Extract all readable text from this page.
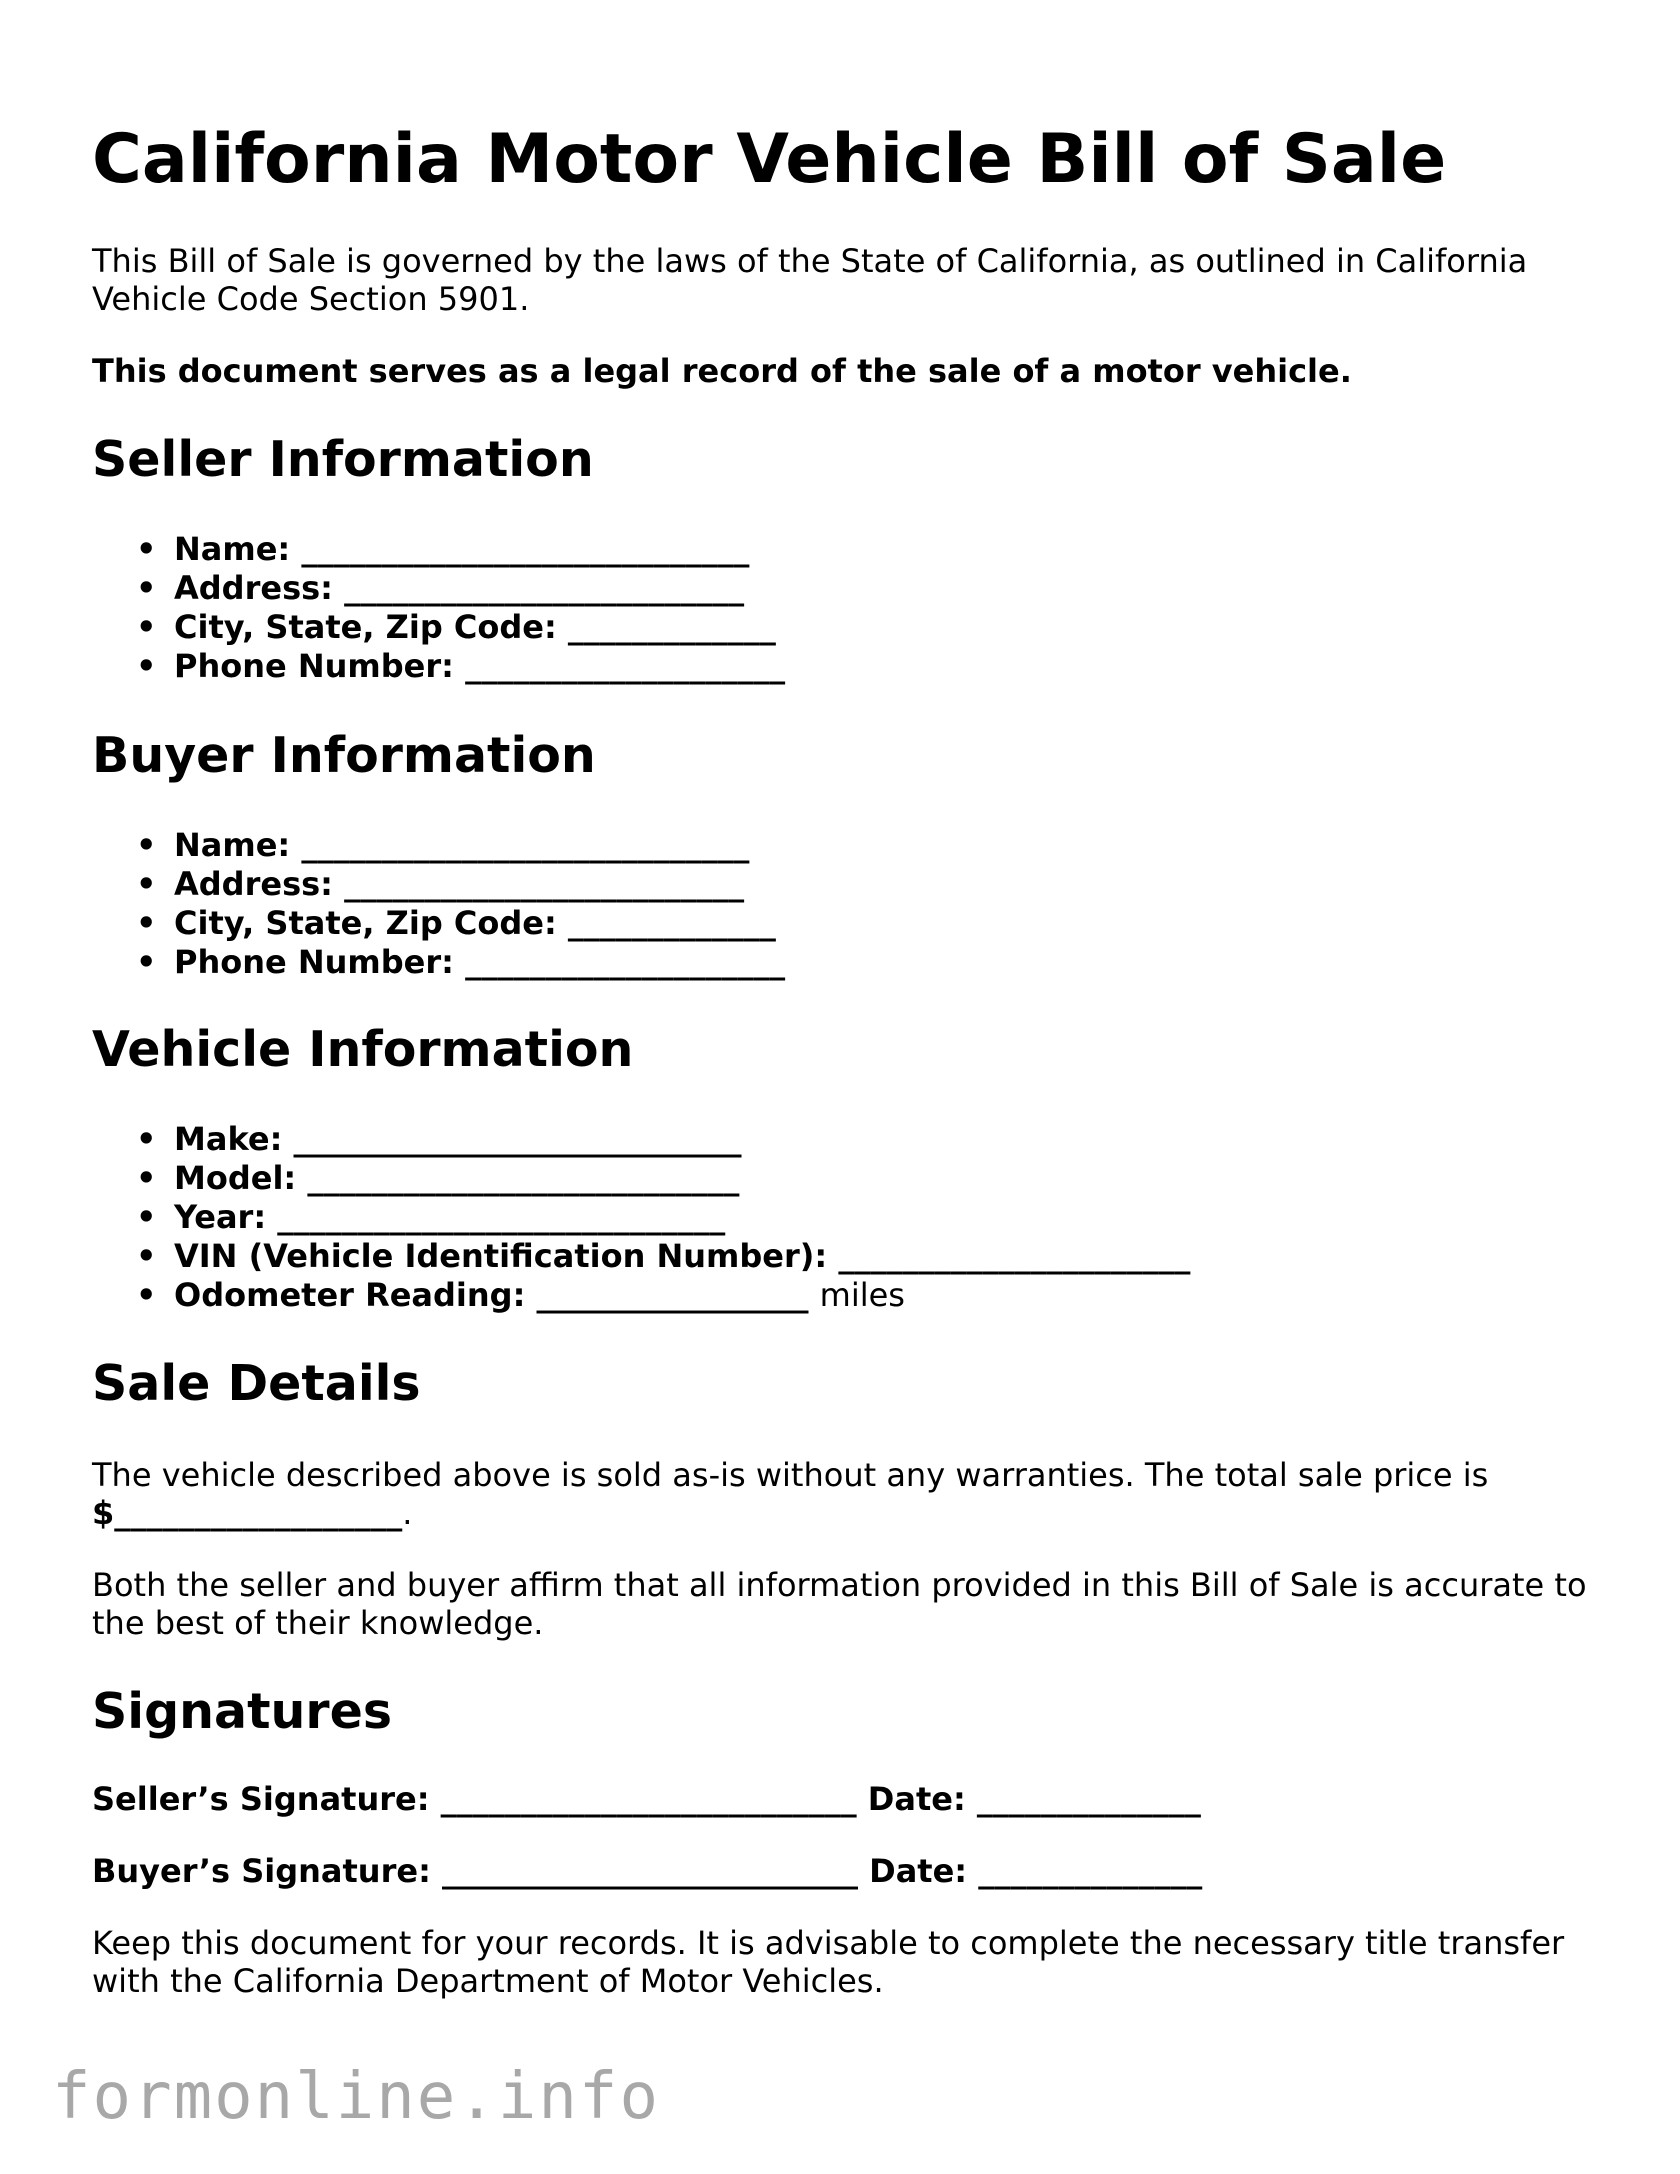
California Motor Vehicle Bill of Sale

This Bill of Sale is governed by the laws of the State of California, as outlined in California Vehicle Code Section 5901.

This document serves as a legal record of the sale of a motor vehicle.

Seller Information
• Name: ____________________________
• Address: _________________________
• City, State, Zip Code: _____________
• Phone Number: ____________________
Buyer Information
• Name: ____________________________
• Address: _________________________
• City, State, Zip Code: _____________
• Phone Number: ____________________
Vehicle Information
• Make: ____________________________
• Model: ___________________________
• Year: ____________________________
• VIN (Vehicle Identification Number): ______________________
• Odometer Reading: _________________ miles
Sale Details

The vehicle described above is sold as-is without any warranties. The total sale price is
$__________________.

Both the seller and buyer affirm that all information provided in this Bill of Sale is accurate to the best of their knowledge.

Signatures

Seller’s Signature: __________________________ Date: ______________

Buyer’s Signature: __________________________ Date: ______________

Keep this document for your records. It is advisable to complete the necessary title transfer with the California Department of Motor Vehicles.

formonline.info
